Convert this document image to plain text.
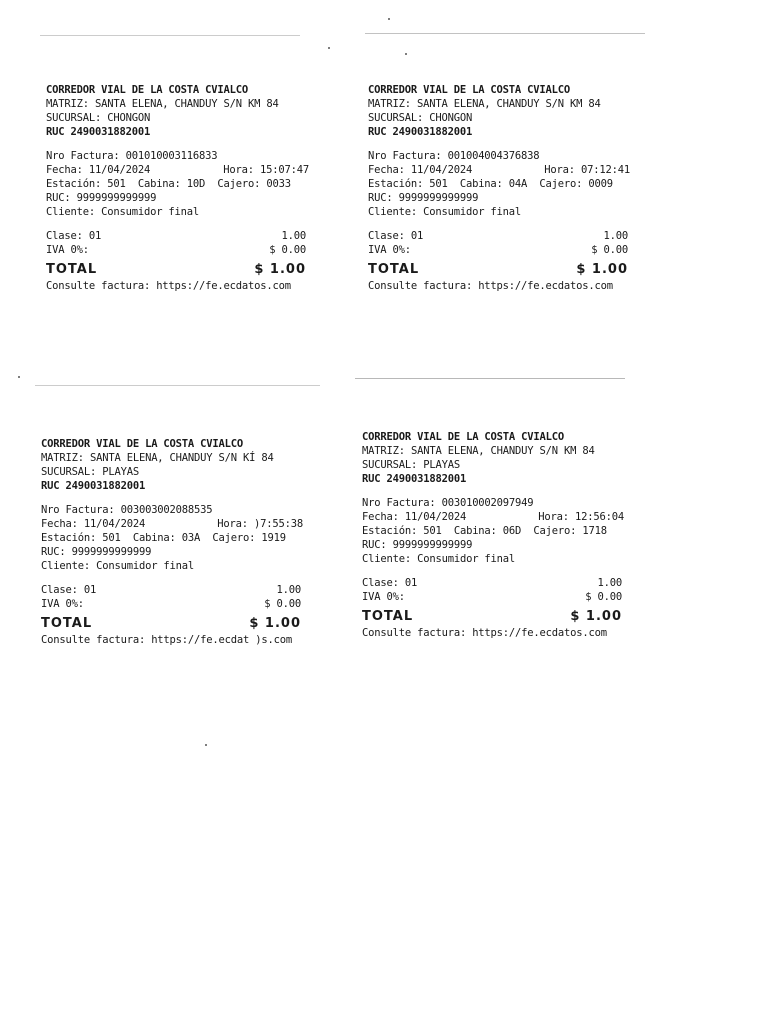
CORREDOR VIAL DE LA COSTA CVIALCO
MATRIZ: SANTA ELENA, CHANDUY S/N KM 84
SUCURSAL: CHONGON
RUC 2490031882001
Nro Factura: 001010003116833
Fecha: 11/04/2024	Hora: 15:07:47
Estación: 501  Cabina: 10D  Cajero: 0033
RUC: 9999999999999
Cliente: Consumidor final
Clase: 01	1.00
IVA 0%:	$ 0.00
TOTAL	$ 1.00
Consulte factura: https://fe.ecdatos.com
CORREDOR VIAL DE LA COSTA CVIALCO
MATRIZ: SANTA ELENA, CHANDUY S/N KM 84
SUCURSAL: CHONGON
RUC 2490031882001
Nro Factura: 001004004376838
Fecha: 11/04/2024	Hora: 07:12:41
Estación: 501  Cabina: 04A  Cajero: 0009
RUC: 9999999999999
Cliente: Consumidor final
Clase: 01	1.00
IVA 0%:	$ 0.00
TOTAL	$ 1.00
Consulte factura: https://fe.ecdatos.com
CORREDOR VIAL DE LA COSTA CVIALCO
MATRIZ: SANTA ELENA, CHANDUY S/N KÍ 84
SUCURSAL: PLAYAS
RUC 2490031882001
Nro Factura: 003003002088535
Fecha: 11/04/2024	Hora: )7:55:38
Estación: 501  Cabina: 03A  Cajero: 1919
RUC: 9999999999999
Cliente: Consumidor final
Clase: 01	1.00
IVA 0%:	$ 0.00
TOTAL	$ 1.00
Consulte factura: https://fe.ecdat )s.com
CORREDOR VIAL DE LA COSTA CVIALCO
MATRIZ: SANTA ELENA, CHANDUY S/N KM 84
SUCURSAL: PLAYAS
RUC 2490031882001
Nro Factura: 003010002097949
Fecha: 11/04/2024	Hora: 12:56:04
Estación: 501  Cabina: 06D  Cajero: 1718
RUC: 9999999999999
Cliente: Consumidor final
Clase: 01	1.00
IVA 0%:	$ 0.00
TOTAL	$ 1.00
Consulte factura: https://fe.ecdatos.com
